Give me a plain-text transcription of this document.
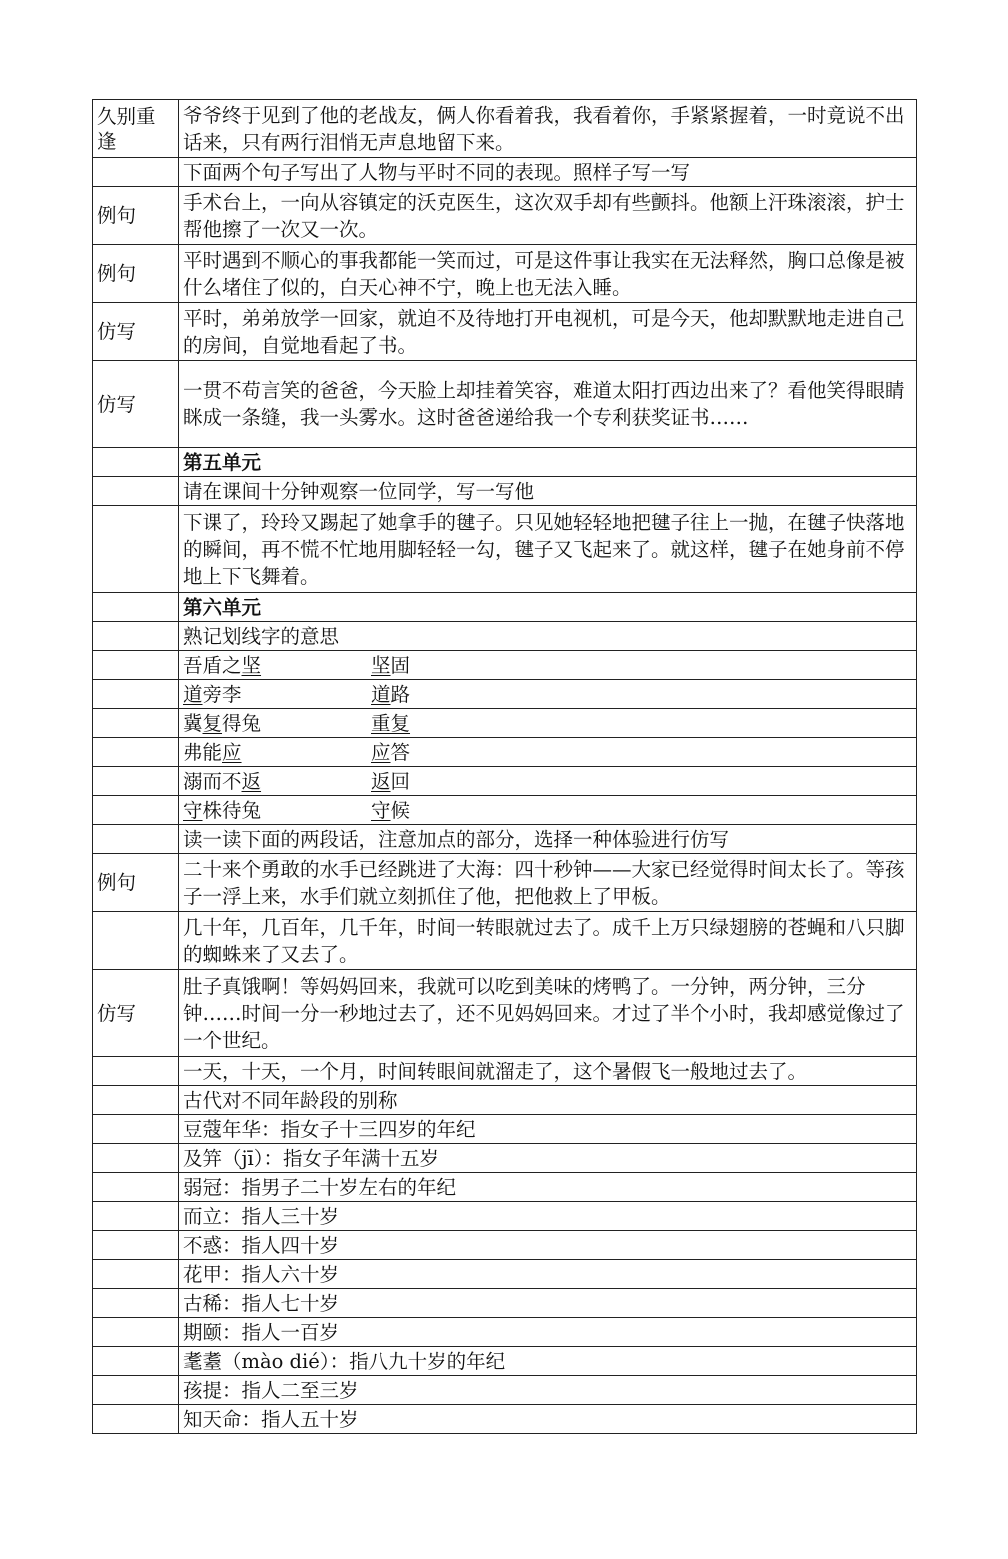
久别重逢	爷爷终于见到了他的老战友，俩人你看着我，我看着你，手紧紧握着，一时竟说不出话来，只有两行泪悄无声息地留下来。
	下面两个句子写出了人物与平时不同的表现。照样子写一写
例句	手术台上，一向从容镇定的沃克医生，这次双手却有些颤抖。他额上汗珠滚滚，护士帮他擦了一次又一次。
例句	平时遇到不顺心的事我都能一笑而过，可是这件事让我实在无法释然，胸口总像是被什么堵住了似的，白天心神不宁，晚上也无法入睡。
仿写	平时，弟弟放学一回家，就迫不及待地打开电视机，可是今天，他却默默地走进自己的房间，自觉地看起了书。
仿写	一贯不苟言笑的爸爸，今天脸上却挂着笑容，难道太阳打西边出来了？看他笑得眼睛眯成一条缝，我一头雾水。这时爸爸递给我一个专利获奖证书……
	第五单元
	请在课间十分钟观察一位同学，写一写他
	下课了，玲玲又踢起了她拿手的毽子。只见她轻轻地把毽子往上一抛，在毽子快落地的瞬间，再不慌不忙地用脚轻轻一勾，毽子又飞起来了。就这样，毽子在她身前不停地上下飞舞着。
	第六单元
	熟记划线字的意思
	吾盾之坚 坚固
	道旁李 道路
	冀复得兔 重复
	弗能应 应答
	溺而不返 返回
	守株待兔 守候
	读一读下面的两段话，注意加点的部分，选择一种体验进行仿写
例句	二十来个勇敢的水手已经跳进了大海：四十秒钟——大家已经觉得时间太长了。等孩子一浮上来，水手们就立刻抓住了他，把他救上了甲板。
	几十年，几百年，几千年，时间一转眼就过去了。成千上万只绿翅膀的苍蝇和八只脚的蜘蛛来了又去了。
仿写	肚子真饿啊！等妈妈回来，我就可以吃到美味的烤鸭了。一分钟，两分钟，三分钟……时间一分一秒地过去了，还不见妈妈回来。才过了半个小时，我却感觉像过了一个世纪。
	一天，十天，一个月，时间转眼间就溜走了，这个暑假飞一般地过去了。
	古代对不同年龄段的别称
	豆蔻年华：指女子十三四岁的年纪
	及笄（jī）：指女子年满十五岁
	弱冠：指男子二十岁左右的年纪
	而立：指人三十岁
	不惑：指人四十岁
	花甲：指人六十岁
	古稀：指人七十岁
	期颐：指人一百岁
	耄耋（mào dié）：指八九十岁的年纪
	孩提：指人二至三岁
	知天命：指人五十岁
